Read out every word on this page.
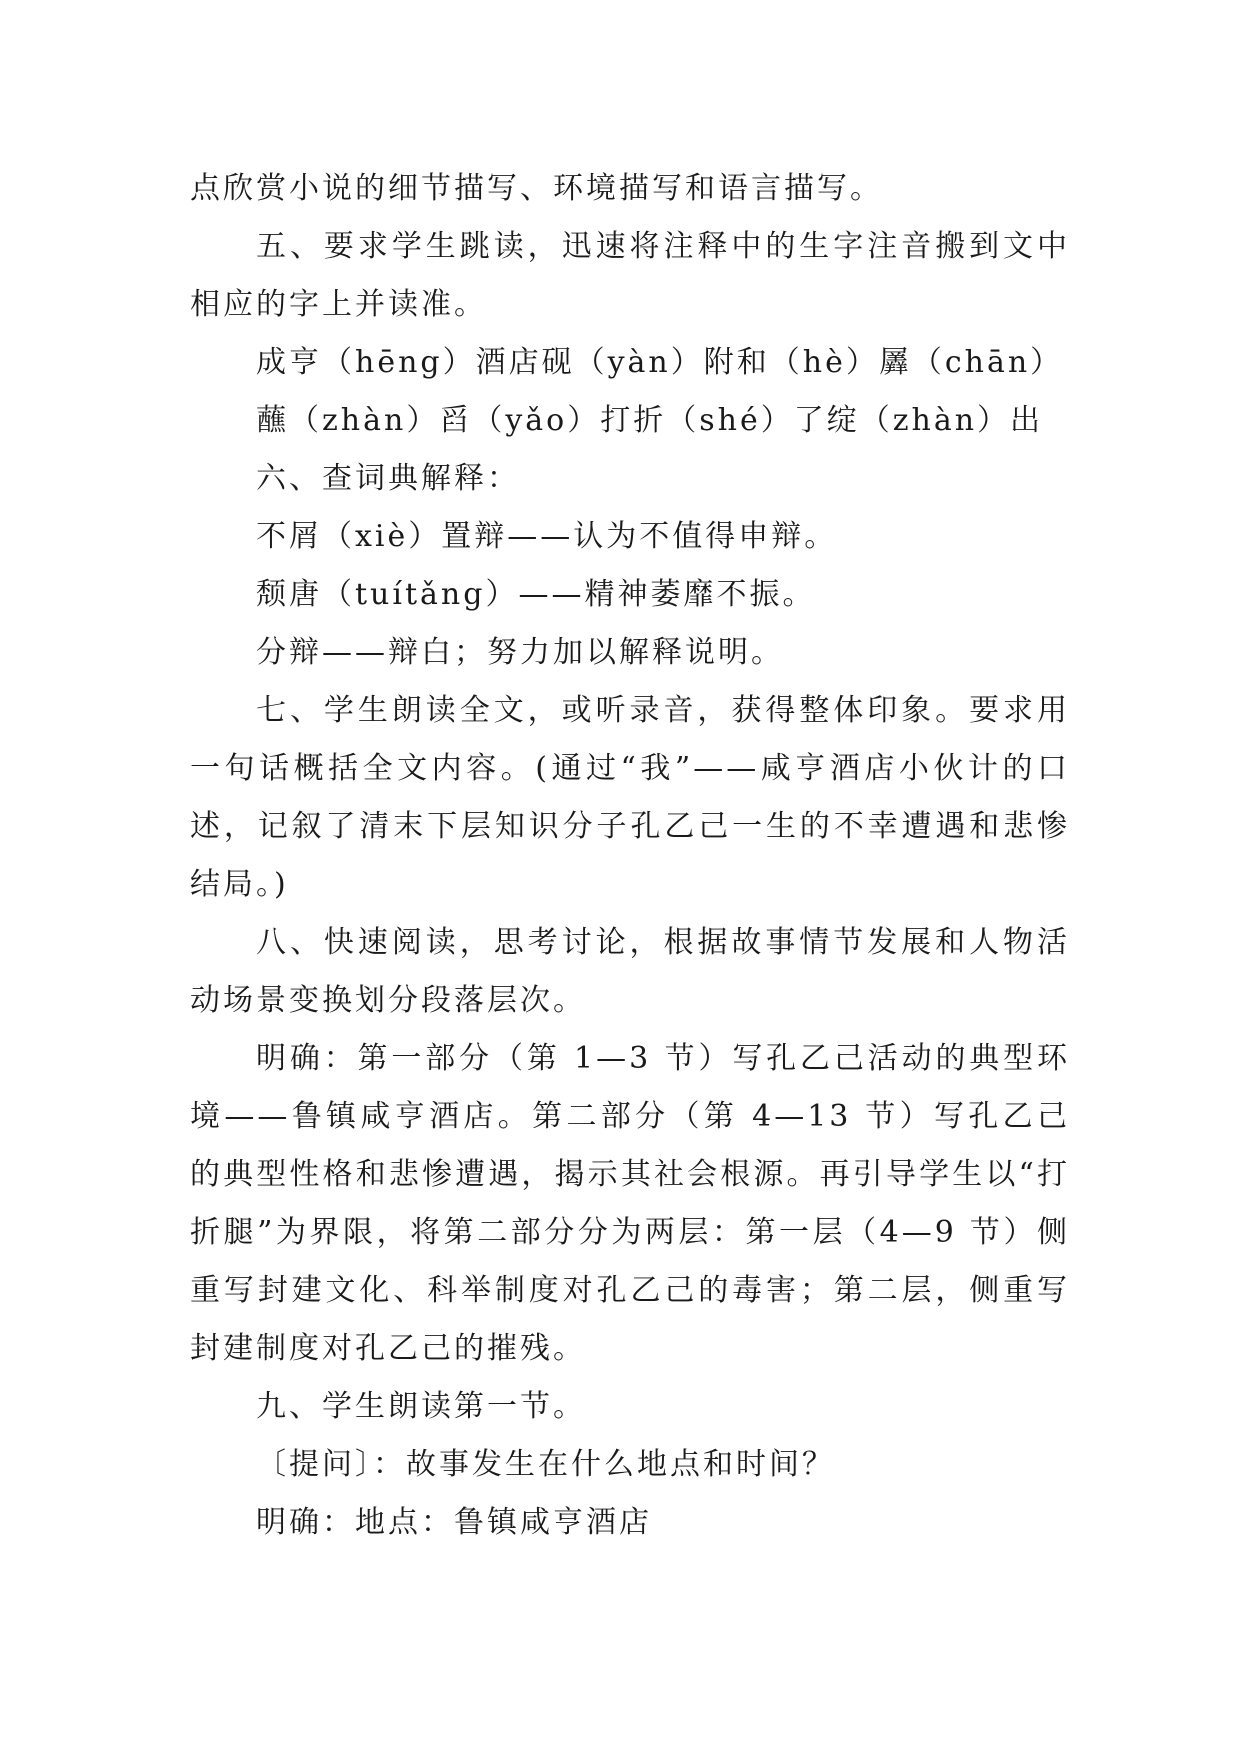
点欣赏小说的细节描写、环境描写和语言描写。

五、要求学生跳读，迅速将注释中的生字注音搬到文中相应的字上并读准。

成亨（hēng）酒店砚（yàn）附和（hè）羼（chān）

蘸（zhàn）舀（yǎo）打折（shé）了绽（zhàn）出

六、查词典解释：

不屑（xiè）置辩——认为不值得申辩。

颓唐（tuítǎng）——精神萎靡不振。

分辩——辩白；努力加以解释说明。

七、学生朗读全文，或听录音，获得整体印象。要求用一句话概括全文内容。(通过“我”——咸亨酒店小伙计的口述，记叙了清末下层知识分子孔乙己一生的不幸遭遇和悲惨结局。)

八、快速阅读，思考讨论，根据故事情节发展和人物活动场景变换划分段落层次。

明确：第一部分（第 1—3 节）写孔乙己活动的典型环境——鲁镇咸亨酒店。第二部分（第 4—13 节）写孔乙己的典型性格和悲惨遭遇，揭示其社会根源。再引导学生以“打折腿”为界限，将第二部分分为两层：第一层（4—9 节）侧重写封建文化、科举制度对孔乙己的毒害；第二层，侧重写封建制度对孔乙己的摧残。

九、学生朗读第一节。

〔提问〕：故事发生在什么地点和时间？

明确：地点：鲁镇咸亨酒店
